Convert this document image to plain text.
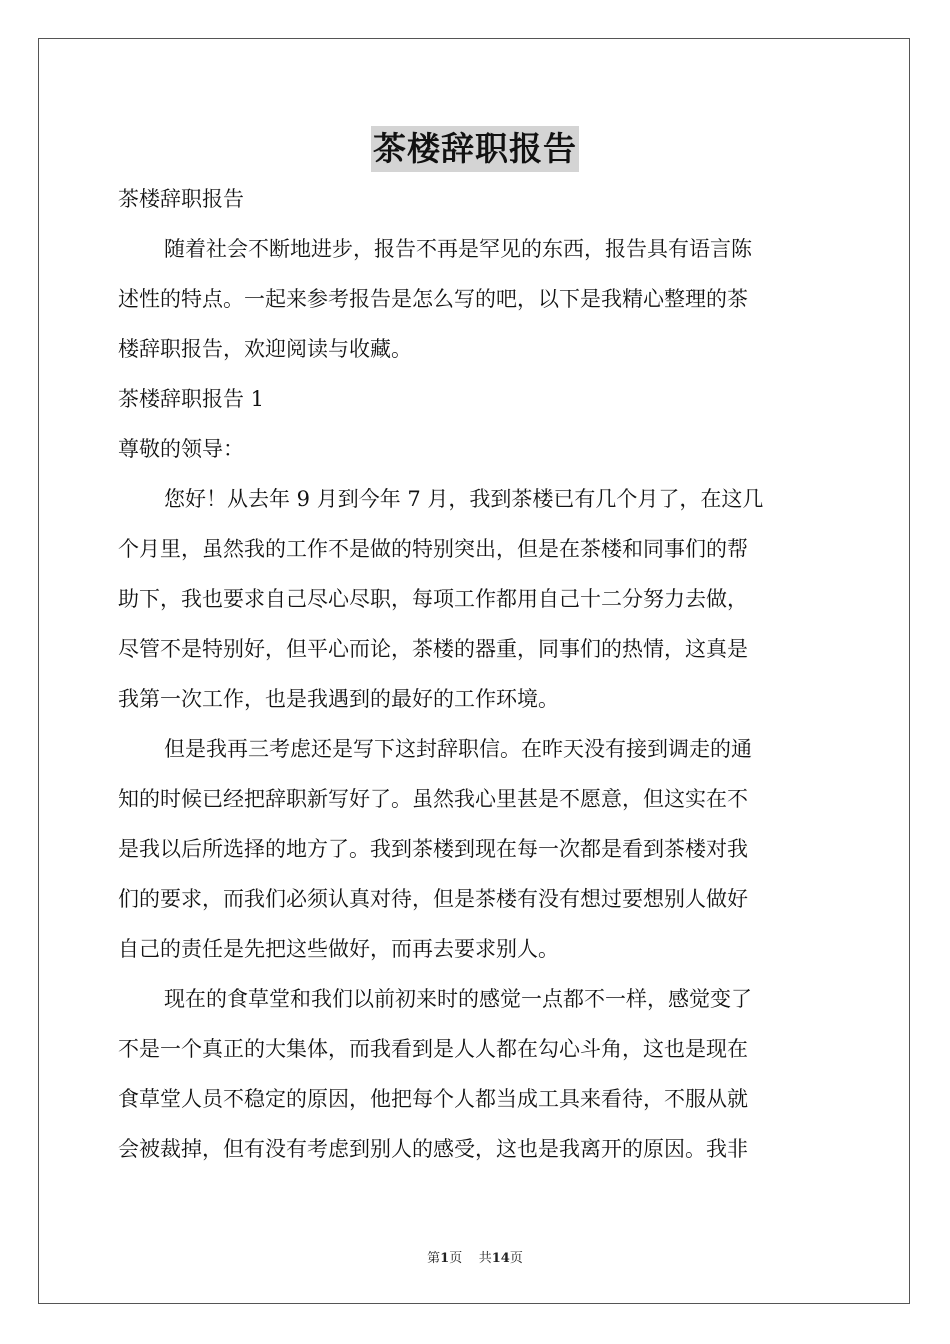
茶楼辞职报告
茶楼辞职报告
随着社会不断地进步，报告不再是罕见的东西，报告具有语言陈
述性的特点。一起来参考报告是怎么写的吧，以下是我精心整理的茶
楼辞职报告，欢迎阅读与收藏。
茶楼辞职报告 1
尊敬的领导：
您好！从去年 9 月到今年 7 月，我到茶楼已有几个月了，在这几
个月里，虽然我的工作不是做的特别突出，但是在茶楼和同事们的帮
助下，我也要求自己尽心尽职，每项工作都用自己十二分努力去做，
尽管不是特别好，但平心而论，茶楼的器重，同事们的热情，这真是
我第一次工作，也是我遇到的最好的工作环境。
但是我再三考虑还是写下这封辞职信。在昨天没有接到调走的通
知的时候已经把辞职新写好了。虽然我心里甚是不愿意，但这实在不
是我以后所选择的地方了。我到茶楼到现在每一次都是看到茶楼对我
们的要求，而我们必须认真对待，但是茶楼有没有想过要想别人做好
自己的责任是先把这些做好，而再去要求别人。
现在的食草堂和我们以前初来时的感觉一点都不一样，感觉变了
不是一个真正的大集体，而我看到是人人都在勾心斗角，这也是现在
食草堂人员不稳定的原因，他把每个人都当成工具来看待，不服从就
会被裁掉，但有没有考虑到别人的感受，这也是我离开的原因。我非
第1页 共14页
